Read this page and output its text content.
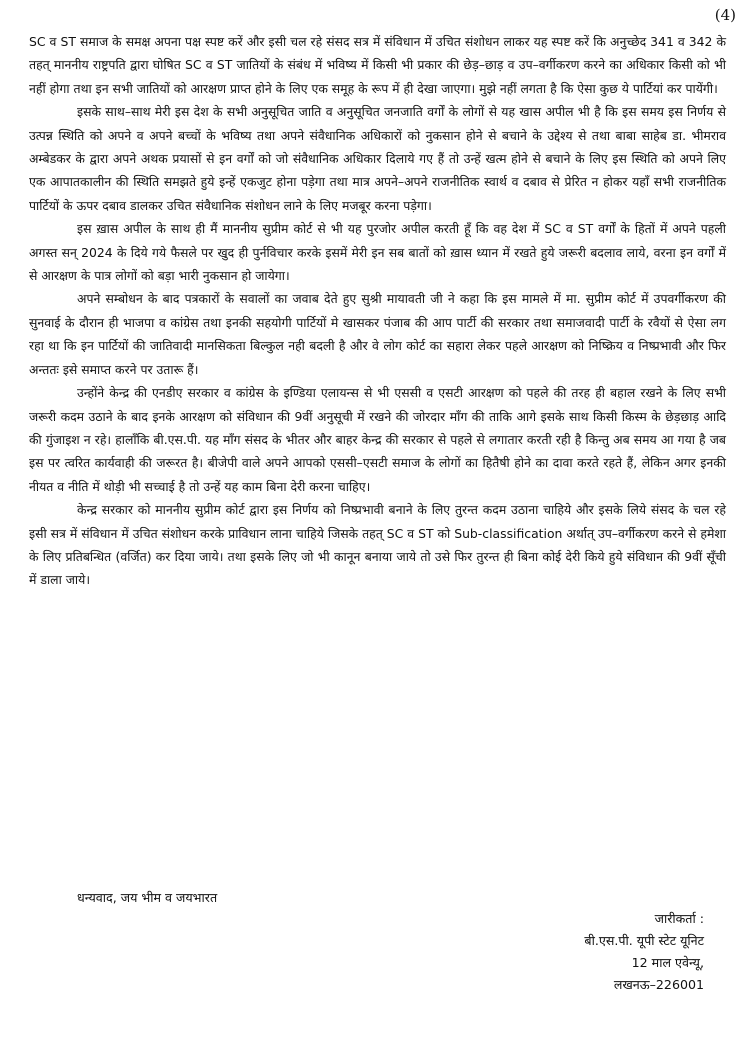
(4)

SC व ST समाज के समक्ष अपना पक्ष स्पष्ट करें और इसी चल रहे संसद सत्र में संविधान में उचित संशोधन लाकर यह स्पष्ट करें कि अनुच्छेद 341 व 342 के तहत् माननीय राष्ट्रपति द्वारा घोषित SC व ST जातियों के संबंध में भविष्य में किसी भी प्रकार की छेड़–छाड़ व उप–वर्गीकरण करने का अधिकार किसी को भी नहीं होगा तथा इन सभी जातियों को आरक्षण प्राप्त होने के लिए एक समूह के रूप में ही देखा जाएगा। मुझे नहीं लगता है कि ऐसा कुछ ये पार्टियां कर पायेंगी।

इसके साथ–साथ मेरी इस देश के सभी अनुसूचित जाति व अनुसूचित जनजाति वर्गों के लोगों से यह खास अपील भी है कि इस समय इस निर्णय से उत्पन्न स्थिति को अपने व अपने बच्चों के भविष्य तथा अपने संवैधानिक अधिकारों को नुकसान होने से बचाने के उद्देश्य से तथा बाबा साहेब डा. भीमराव अम्बेडकर के द्वारा अपने अथक प्रयासों से इन वर्गों को जो संवैधानिक अधिकार दिलाये गए हैं तो उन्हें खत्म होने से बचाने के लिए इस स्थिति को अपने लिए एक आपातकालीन की स्थिति समझते हुये इन्हें एकजुट होना पड़ेगा तथा मात्र अपने–अपने राजनीतिक स्वार्थ व दबाव से प्रेरित न होकर यहाँ सभी राजनीतिक पार्टियों के ऊपर दबाव डालकर उचित संवैधानिक संशोधन लाने के लिए मजबूर करना पड़ेगा।

इस ख़ास अपील के साथ ही मैं माननीय सुप्रीम कोर्ट से भी यह पुरजोर अपील करती हूँ कि वह देश में SC व ST वर्गों के हितों में अपने पहली अगस्त सन् 2024 के दिये गये फैसले पर खुद ही पुर्नविचार करके इसमें मेरी इन सब बातों को ख़ास ध्यान में रखते हुये जरूरी बदलाव लाये, वरना इन वर्गों में से आरक्षण के पात्र लोगों को बड़ा भारी नुकसान हो जायेगा।

अपने सम्बोधन के बाद पत्रकारों के सवालों का जवाब देते हुए सुश्री मायावती जी ने कहा कि इस मामले में मा. सुप्रीम कोर्ट में उपवर्गीकरण की सुनवाई के दौरान ही भाजपा व कांग्रेस तथा इनकी सहयोगी पार्टियों मे खासकर पंजाब की आप पार्टी की सरकार तथा समाजवादी पार्टी के रवैयों से ऐसा लग रहा था कि इन पार्टियों की जातिवादी मानसिकता बिल्कुल नही बदली है और वे लोग कोर्ट का सहारा लेकर पहले आरक्षण को निष्क्रिय व निष्प्रभावी और फिर अन्ततः इसे समाप्त करने पर उतारू हैं।

उन्होंने केन्द्र की एनडीए सरकार व कांग्रेस के इण्डिया एलायन्स से भी एससी व एसटी आरक्षण को पहले की तरह ही बहाल रखने के लिए सभी जरूरी कदम उठाने के बाद इनके आरक्षण को संविधान की 9वीं अनुसूची में रखने की जोरदार माँग की ताकि आगे इसके साथ किसी किस्म के छेड़छाड़ आदि की गुंजाइश न रहे। हालाँकि बी.एस.पी. यह माँग संसद के भीतर और बाहर केन्द्र की सरकार से पहले से लगातार करती रही है किन्तु अब समय आ गया है जब इस पर त्वरित कार्यवाही की जरूरत है। बीजेपी वाले अपने आपको एससी–एसटी समाज के लोगों का हितैषी होने का दावा करते रहते हैं, लेकिन अगर इनकी नीयत व नीति में थोड़ी भी सच्चाई है तो उन्हें यह काम बिना देरी करना चाहिए।

केन्द्र सरकार को माननीय सुप्रीम कोर्ट द्वारा इस निर्णय को निष्प्रभावी बनाने के लिए तुरन्त कदम उठाना चाहिये और इसके लिये संसद के चल रहे इसी सत्र में संविधान में उचित संशोधन करके प्राविधान लाना चाहिये जिसके तहत् SC व ST को Sub-classification अर्थात् उप–वर्गीकरण करने से हमेशा के लिए प्रतिबन्धित (वर्जित) कर दिया जाये। तथा इसके लिए जो भी कानून बनाया जाये तो उसे फिर तुरन्त ही बिना कोई देरी किये हुये संविधान की 9वीं सूँची में डाला जाये।

धन्यवाद, जय भीम व जयभारत
जारीकर्ता :
बी.एस.पी. यूपी स्टेट यूनिट
12 माल एवेन्यू,
लखनऊ–226001
